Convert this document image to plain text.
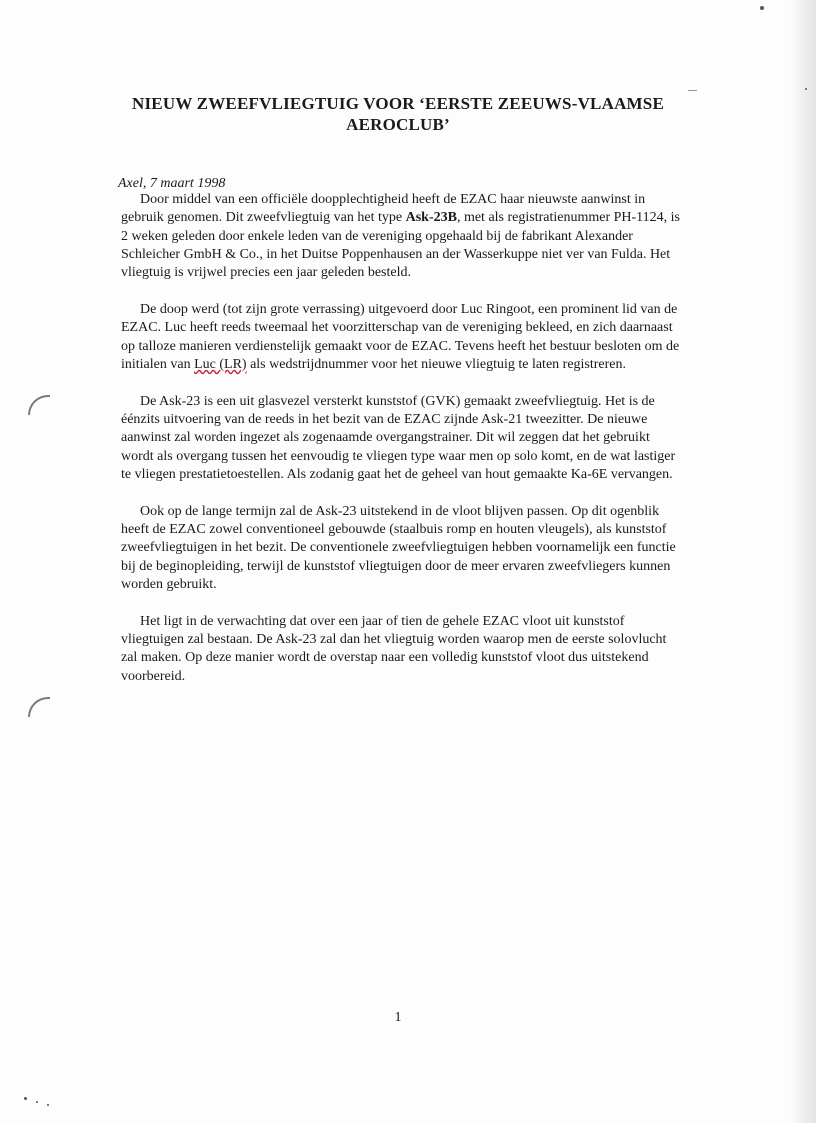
NIEUW ZWEEFVLIEGTUIG VOOR ‘EERSTE ZEEUWS-VLAAMSE AEROCLUB’
Axel, 7 maart 1998

Door middel van een officiële doopplechtigheid heeft de EZAC haar nieuwste aanwinst in gebruik genomen. Dit zweefvliegtuig van het type Ask-23B, met als registratienummer PH-1124, is 2 weken geleden door enkele leden van de vereniging opgehaald bij de fabrikant Alexander Schleicher GmbH & Co., in het Duitse Poppenhausen an der Wasserkuppe niet ver van Fulda. Het vliegtuig is vrijwel precies een jaar geleden besteld.

De doop werd (tot zijn grote verrassing) uitgevoerd door Luc Ringoot, een prominent lid van de EZAC. Luc heeft reeds tweemaal het voorzitterschap van de vereniging bekleed, en zich daarnaast op talloze manieren verdienstelijk gemaakt voor de EZAC. Tevens heeft het bestuur besloten om de initialen van Luc (LR) als wedstrijdnummer voor het nieuwe vliegtuig te laten registreren.

De Ask-23 is een uit glasvezel versterkt kunststof (GVK) gemaakt zweefvliegtuig. Het is de éénzits uitvoering van de reeds in het bezit van de EZAC zijnde Ask-21 tweezitter. De nieuwe aanwinst zal worden ingezet als zogenaamde overgangstrainer. Dit wil zeggen dat het gebruikt wordt als overgang tussen het eenvoudig te vliegen type waar men op solo komt, en de wat lastiger te vliegen prestatietoestellen. Als zodanig gaat het de geheel van hout gemaakte Ka-6E vervangen.

Ook op de lange termijn zal de Ask-23 uitstekend in de vloot blijven passen. Op dit ogenblik heeft de EZAC zowel conventioneel gebouwde (staalbuis romp en houten vleugels), als kunststof zweefvliegtuigen in het bezit. De conventionele zweefvliegtuigen hebben voornamelijk een functie bij de beginopleiding, terwijl de kunststof vliegtuigen door de meer ervaren zweefvliegers kunnen worden gebruikt.

Het ligt in de verwachting dat over een jaar of tien de gehele EZAC vloot uit kunststof vliegtuigen zal bestaan. De Ask-23 zal dan het vliegtuig worden waarop men de eerste solovlucht zal maken. Op deze manier wordt de overstap naar een volledig kunststof vloot dus uitstekend voorbereid.

1
